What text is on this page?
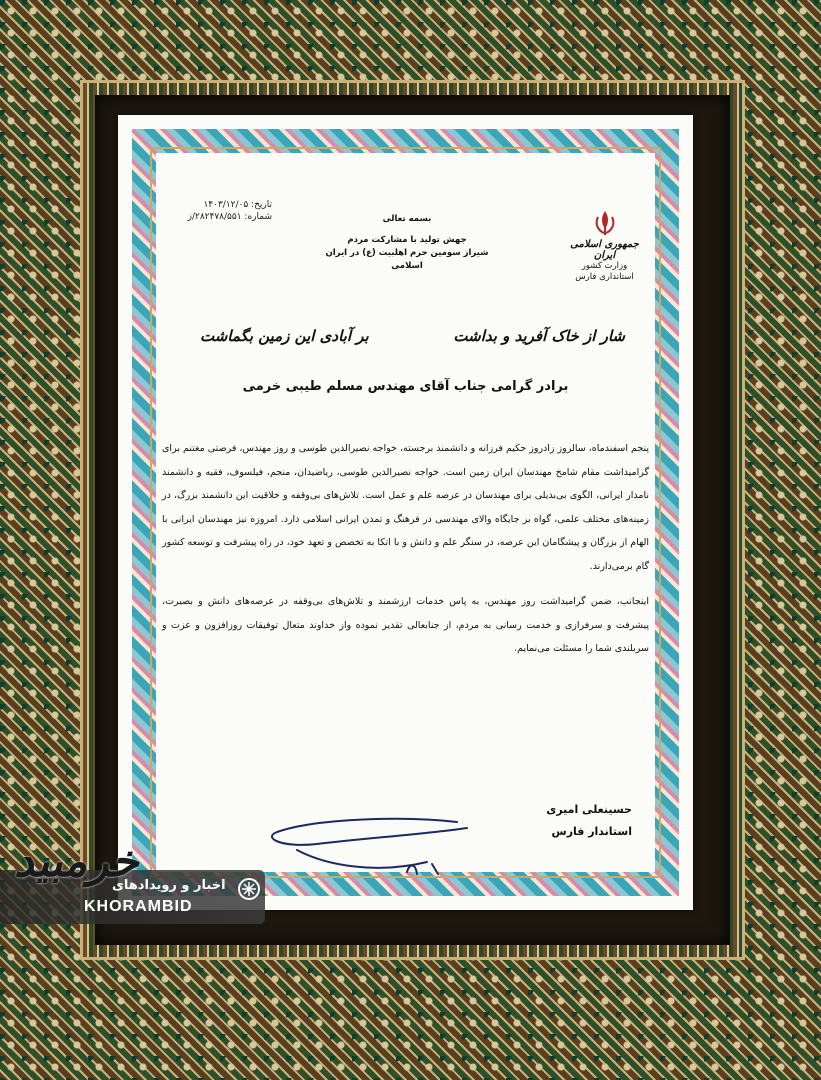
تاریخ: ۱۴۰۳/۱۲/۰۵
شماره: ۲۸۲۴۷۸/۵۵۱/ز	بسمه تعالی
جهش تولید با مشارکت مردم
شیراز سومین حرم اهلبیت (ع) در ایران اسلامی
جمهوری اسلامی ایران
وزارت کشور
استانداری فارس
شار از خاک آفرید و بداشت
بر آبادی این زمین بگماشت
برادر گرامی جناب آقای مهندس مسلم طیبی خرمی

پنجم اسفندماه، سالروز زادروز حکیم فرزانه و دانشمند برجسته، خواجه نصیرالدین طوسی و روز مهندس، فرصتی مغتنم برای گرامیداشت مقام شامخ مهندسان ایران زمین است. خواجه نصیرالدین طوسی، ریاضیدان، منجم، فیلسوف، فقیه و دانشمند نامدار ایرانی، الگوی بی‌بدیلی برای مهندسان در عرصه علم و عمل است. تلاش‌های بی‌وقفه و خلاقیت این دانشمند بزرگ، در زمینه‌های مختلف علمی، گواه بر جایگاه والای مهندسی در فرهنگ و تمدن ایرانی اسلامی دارد. امروزه نیز مهندسان ایرانی با الهام از بزرگان و پیشگامان این عرصه، در سنگر علم و دانش و با اتکا به تخصص و تعهد خود، در راه پیشرفت و توسعه کشور گام برمی‌دارند.

اینجانب، ضمن گرامیداشت روز مهندس، به پاس خدمات ارزشمند و تلاش‌های بی‌وقفه در عرصه‌های دانش و بصیرت، پیشرفت و سرفرازی و خدمت رسانی به مردم، از جنابعالی تقدیر نموده واز خداوند متعال توفیقات روزافزون و عزت و سربلندی شما را مسئلت می‌نمایم.

حسینعلی امیری
استاندار فارس
خرمبید
اخبار و رویدادهای
KHORAMBID
